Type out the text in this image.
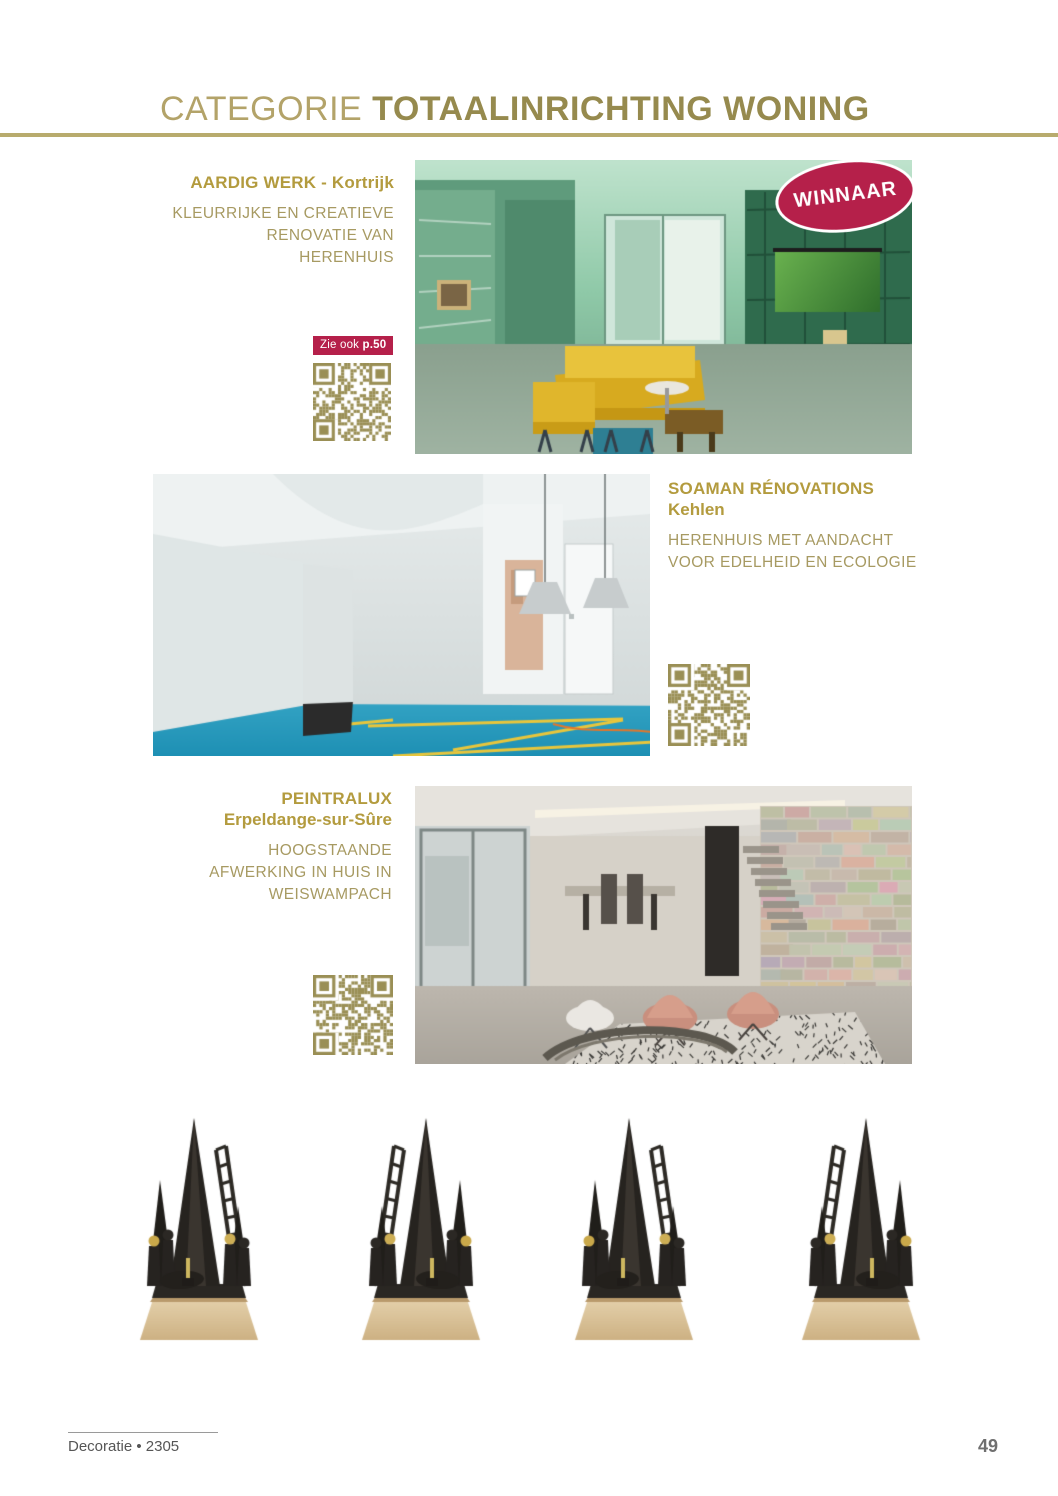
CATEGORIE TOTAALINRICHTING WONING
AARDIG WERK - Kortrijk
KLEURRIJKE EN CREATIEVE RENOVATIE VAN HERENHUIS
Zie ook p.50
WINNAAR
SOAMAN RÉNOVATIONS
Kehlen
HERENHUIS MET AANDACHT VOOR EDELHEID EN ECOLOGIE
PEINTRALUX
Erpeldange-sur-Sûre
HOOGSTAANDE AFWERKING IN HUIS IN WEISWAMPACH
Decoratie • 2305	49
